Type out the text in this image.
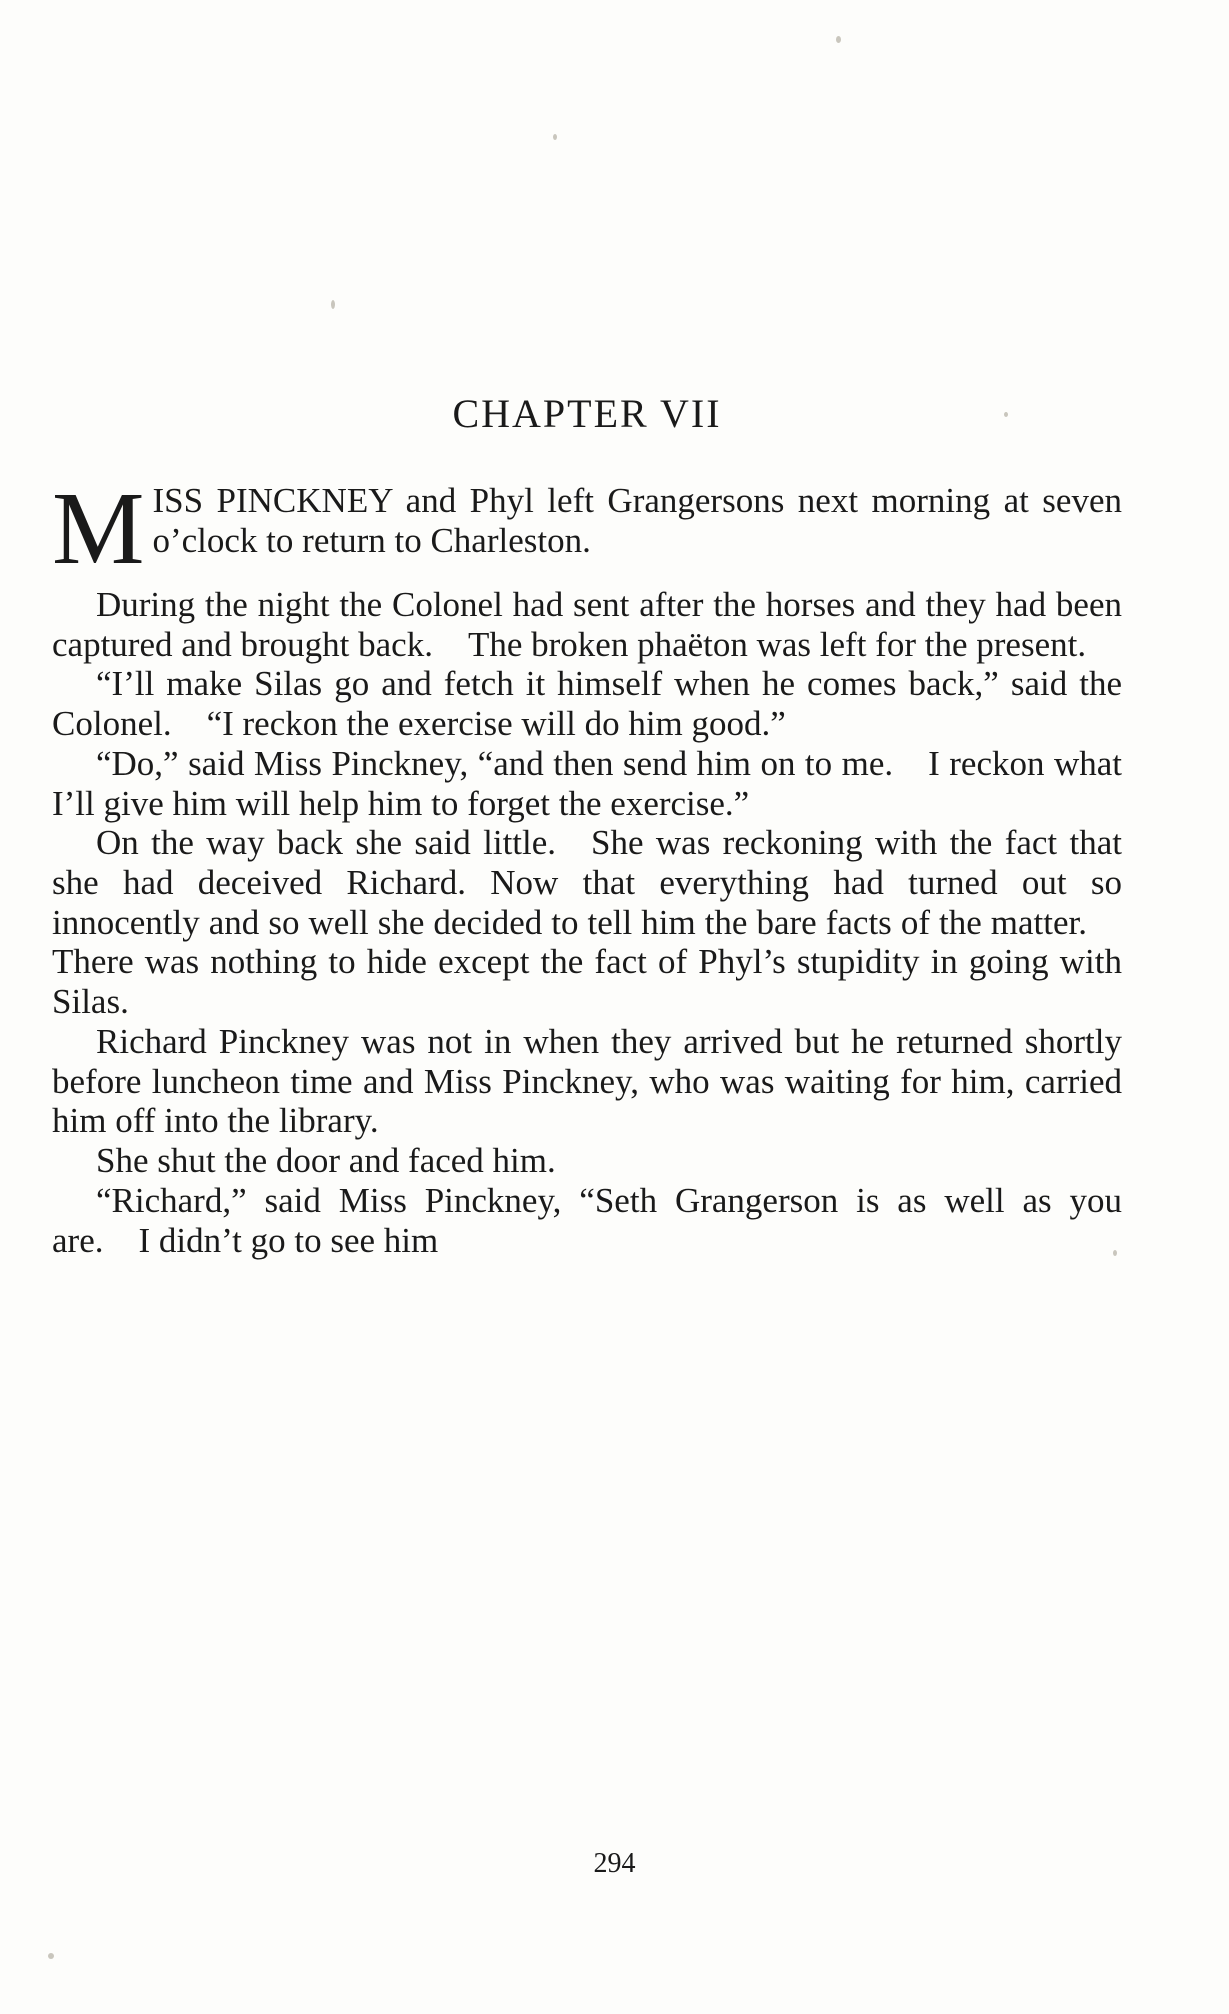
CHAPTER VII

MISS PINCKNEY and Phyl left Grangersons next morning at seven o’clock to return to Charleston.

During the night the Colonel had sent after the horses and they had been captured and brought back. The broken phaëton was left for the present.

“I’ll make Silas go and fetch it himself when he comes back,” said the Colonel. “I reckon the exercise will do him good.”

“Do,” said Miss Pinckney, “and then send him on to me. I reckon what I’ll give him will help him to forget the exercise.”

On the way back she said little. She was reckoning with the fact that she had deceived Richard. Now that everything had turned out so innocently and so well she decided to tell him the bare facts of the matter. There was nothing to hide except the fact of Phyl’s stupidity in going with Silas.

Richard Pinckney was not in when they arrived but he returned shortly before luncheon time and Miss Pinckney, who was waiting for him, carried him off into the library.

She shut the door and faced him.

“Richard,” said Miss Pinckney, “Seth Grangerson is as well as you are. I didn’t go to see him

294
